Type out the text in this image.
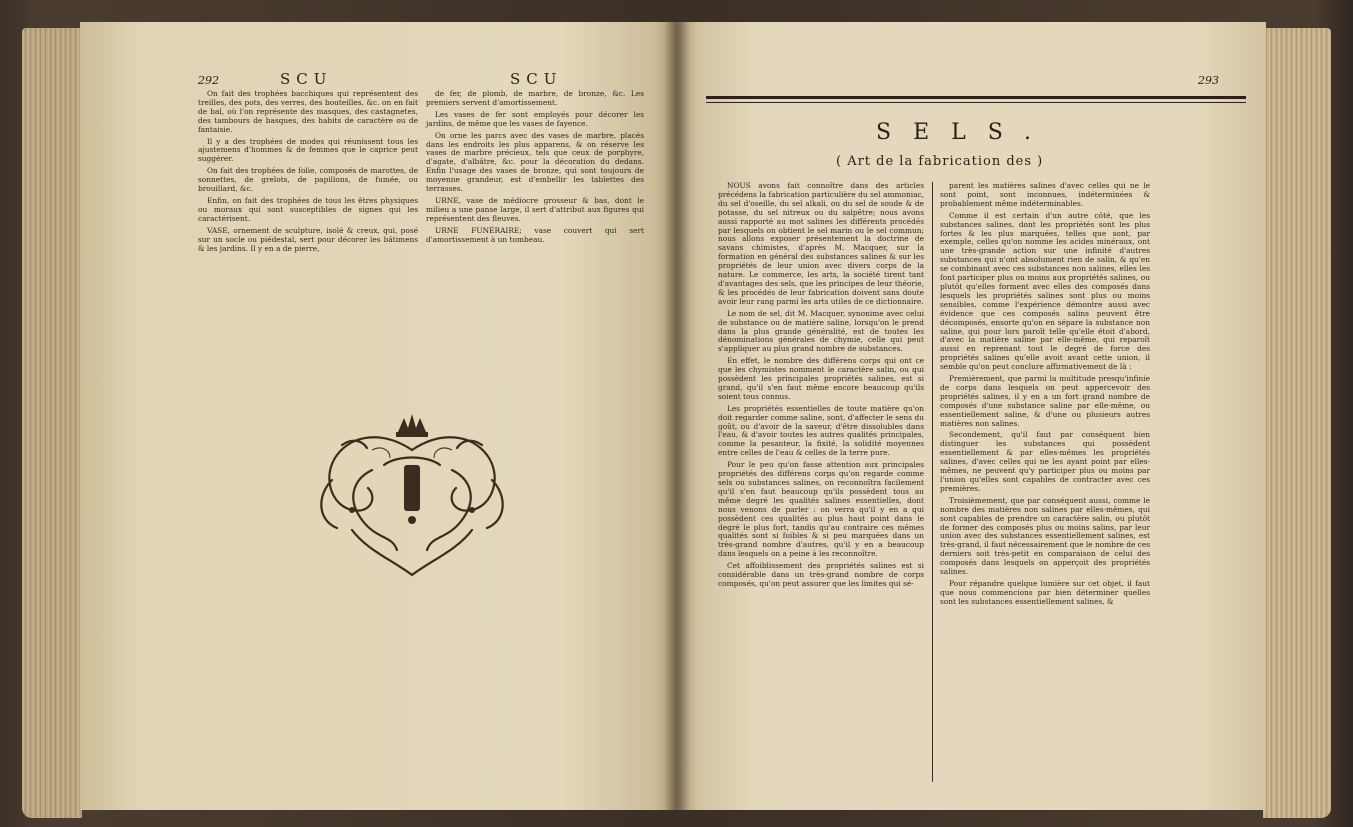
292	SCU	SCU

On fait des trophées bacchiques qui représentent des treilles, des pots, des verres, des bouteilles, &c. on en fait de bal, où l'on représente des masques, des castagnetes, des tambours de basques, des habits de caractère ou de fantaisie.

Il y a des trophées de modes qui réunissent tous les ajustemens d'hommes & de femmes que le caprice peut suggérer.

On fait des trophées de folie, composés de marottes, de sonnettes, de grelots, de papillons, de fumée, ou brouillard, &c.

Enfin, on fait des trophées de tous les êtres physiques ou moraux qui sont susceptibles de signes qui les caractérisent.

VASE, ornement de sculpture, isolé & creux, qui, posé sur un socle ou piédestal, sert pour décorer les bâtimens & les jardins. Il y en a de pierre,

de fer, de plomb, de marbre, de bronze, &c. Les premiers servent d'amortissement.

Les vases de fer sont employés pour décorer les jardins, de même que les vases de fayence.

On orne les parcs avec des vases de marbre, placés dans les endroits les plus apparens, & on réserve les vases de marbre précieux, tels que ceux de porphyre, d'agate, d'albâtre, &c. pour la décoration du dedans. Enfin l'usage des vases de bronze, qui sont toujours de moyenne grandeur, est d'embellir les tablettes des terrasses.

URNE, vase de médiocre grosseur & bas, dont le milieu a une panse large, il sert d'attribut aux figures qui représentent des fleuves.

URNE FUNÉRAIRE; vase couvert qui sert d'amortissement à un tombeau.

293
SELS.
( Art de la fabrication des )

NOUS avons fait connoître dans des articles précédens la fabrication particulière du sel ammoniac, du sel d'oseille, du sel alkali, ou du sel de soude & de potasse, du sel nitreux ou du salpêtre; nous avons aussi rapporté au mot salines les différents procédés par lesquels on obtient le sel marin ou le sel commun; nous allons exposer présentement la doctrine de savans chimistes, d'après M. Macquer, sur la formation en général des substances salines & sur les propriétés de leur union avec divers corps de la nature. Le commerce, les arts, la société tirent tant d'avantages des sels, que les principes de leur théorie, & les procédés de leur fabrication doivent sans doute avoir leur rang parmi les arts utiles de ce dictionnaire.

Le nom de sel, dit M. Macquer, synonime avec celui de substance ou de matière saline, lorsqu'on le prend dans la plus grande généralité, est de toutes les dénominations générales de chymie, celle qui peut s'appliquer au plus grand nombre de substances.

En effet, le nombre des différens corps qui ont ce que les chymistes nomment le caractère salin, ou qui possèdent les principales propriétés salines, est si grand, qu'il s'en faut même encore beaucoup qu'ils soient tous connus.

Les propriétés essentielles de toute matière qu'on doit regarder comme saline, sont, d'affecter le sens du goût, ou d'avoir de la saveur, d'être dissolubles dans l'eau, & d'avoir toutes les autres qualités principales, comme la pesanteur, la fixité, la solidité moyennes entre celles de l'eau & celles de la terre pure.

Pour le peu qu'on fasse attention aux principales propriétés des différens corps qu'on regarde comme sels ou substances salines, on reconnoîtra facilement qu'il s'en faut beaucoup qu'ils possèdent tous au même degré les qualités salines essentielles, dont nous venons de parler : on verra qu'il y en a qui possèdent ces qualités au plus haut point dans le degré le plus fort, tandis qu'au contraire ces mêmes qualités sont si foibles & si peu marquées dans un très-grand nombre d'autres, qu'il y en a beaucoup dans lesquels on a peine à les reconnoître.

Cet affoiblissement des propriétés salines est si considérable dans un très-grand nombre de corps composés, qu'on peut assurer que les limites qui sé-

parent les matières salines d'avec celles qui ne le sont point, sont inconnues, indéterminées & probablement même indéterminables.

Comme il est certain d'un autre côté, que les substances salines, dont les propriétés sont les plus fortes & les plus marquées, telles que sont, par exemple, celles qu'on nomme les acides minéraux, ont une très-grande action sur une infinité d'autres substances qui n'ont absolument rien de salin, & qu'en se combinant avec ces substances non salines, elles les font participer plus ou moins aux propriétés salines, ou plutôt qu'elles forment avec elles des composés dans lesquels les propriétés salines sont plus ou moins sensibles, comme l'expérience démontre aussi avec évidence que ces composés salins peuvent être décomposés, ensorte qu'on en sépare la substance non saline, qui pour lors paroît telle qu'elle étoit d'abord, d'avec la matière saline par elle-même, qui reparoît aussi en reprenant tout le degré de force des propriétés salines qu'elle avoit avant cette union, il semble qu'on peut conclure affirmativement de là :

Premièrement, que parmi la multitude presqu'infinie de corps dans lesquels on peut appercevoir des propriétés salines, il y en a un fort grand nombre de composés d'une substance saline par elle-même, ou essentiellement saline, & d'une ou plusieurs autres matières non salines.

Secondement, qu'il faut par conséquent bien distinguer les substances qui possèdent essentiellement & par elles-mêmes les propriétés salines, d'avec celles qui ne les ayant point par elles-mêmes, ne peuvent qu'y participer plus ou moins par l'union qu'elles sont capables de contracter avec ces premières.

Troisièmement, que par conséquent aussi, comme le nombre des matières non salines par elles-mêmes, qui sont capables de prendre un caractère salin, ou plutôt de former des composés plus ou moins salins, par leur union avec des substances essentiellement salines, est très-grand, il faut nécessairement que le nombre de ces derniers soit très-petit en comparaison de celui des composés dans lesquels on apperçoit des propriétés salines.

Pour répandre quelque lumière sur cet objet, il faut que nous commencions par bien déterminer quelles sont les substances essentiellement salines, &
